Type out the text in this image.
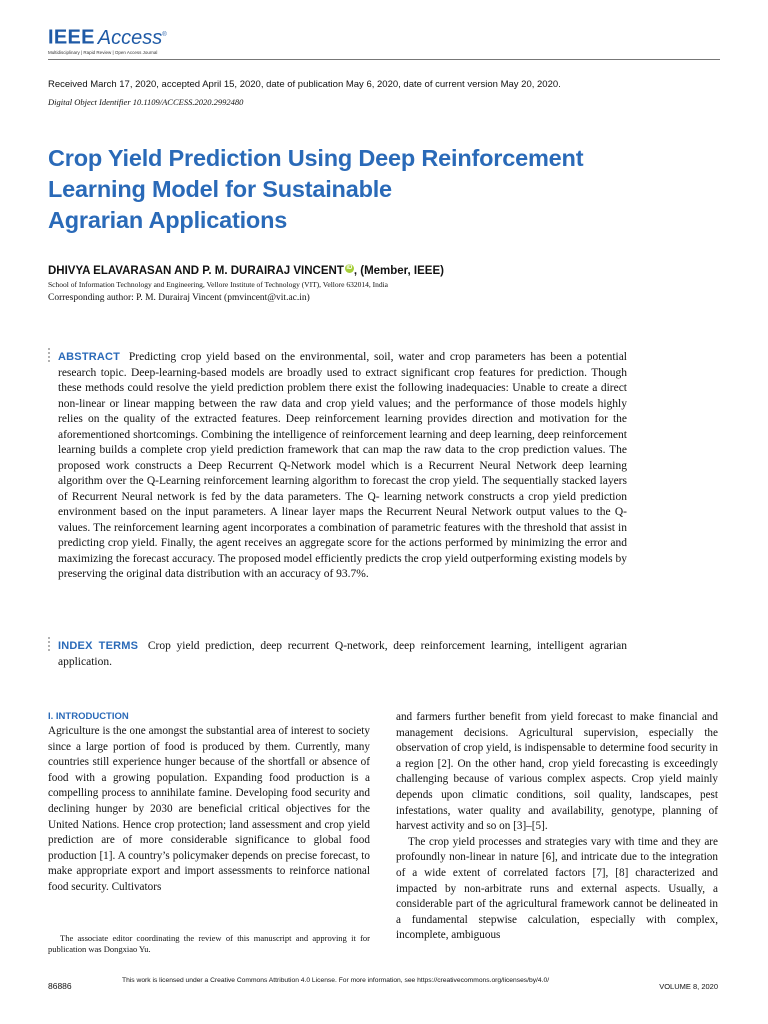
IEEE Access®
Multidisciplinary | Rapid Review | Open Access Journal
Received March 17, 2020, accepted April 15, 2020, date of publication May 6, 2020, date of current version May 20, 2020.
Digital Object Identifier 10.1109/ACCESS.2020.2992480
Crop Yield Prediction Using Deep Reinforcement
Learning Model for Sustainable
Agrarian Applications
DHIVYA ELAVARASAN AND P. M. DURAIRAJ VINCENT iD , (Member, IEEE)
School of Information Technology and Engineering, Vellore Institute of Technology (VIT), Vellore 632014, India
Corresponding author: P. M. Durairaj Vincent (pmvincent@vit.ac.in)
ABSTRACT Predicting crop yield based on the environmental, soil, water and crop parameters has been a potential research topic. Deep-learning-based models are broadly used to extract significant crop features for prediction. Though these methods could resolve the yield prediction problem there exist the following inadequacies: Unable to create a direct non-linear or linear mapping between the raw data and crop yield values; and the performance of those models highly relies on the quality of the extracted features. Deep reinforcement learning provides direction and motivation for the aforementioned shortcomings. Combining the intelligence of reinforcement learning and deep learning, deep reinforcement learning builds a complete crop yield prediction framework that can map the raw data to the crop prediction values. The proposed work constructs a Deep Recurrent Q-Network model which is a Recurrent Neural Network deep learning algorithm over the Q-Learning reinforcement learning algorithm to forecast the crop yield. The sequentially stacked layers of Recurrent Neural network is fed by the data parameters. The Q- learning network constructs a crop yield prediction environment based on the input parameters. A linear layer maps the Recurrent Neural Network output values to the Q-values. The reinforcement learning agent incorporates a combination of parametric features with the threshold that assist in predicting crop yield. Finally, the agent receives an aggregate score for the actions performed by minimizing the error and maximizing the forecast accuracy. The proposed model efficiently predicts the crop yield outperforming existing models by preserving the original data distribution with an accuracy of 93.7%.
INDEX TERMS Crop yield prediction, deep recurrent Q-network, deep reinforcement learning, intelligent agrarian application.
I. INTRODUCTION

Agriculture is the one amongst the substantial area of interest to society since a large portion of food is produced by them. Currently, many countries still experience hunger because of the shortfall or absence of food with a growing population. Expanding food production is a compelling process to annihilate famine. Developing food security and declining hunger by 2030 are beneficial critical objectives for the United Nations. Hence crop protection; land assessment and crop yield prediction are of more considerable significance to global food production [1]. A country’s policymaker depends on precise forecast, to make appropriate export and import assessments to reinforce national food security. Cultivators

and farmers further benefit from yield forecast to make financial and management decisions. Agricultural supervision, especially the observation of crop yield, is indispensable to determine food security in a region [2]. On the other hand, crop yield forecasting is exceedingly challenging because of various complex aspects. Crop yield mainly depends upon climatic conditions, soil quality, landscapes, pest infestations, water quality and availability, genotype, planning of harvest activity and so on [3]–[5].

The crop yield processes and strategies vary with time and they are profoundly non-linear in nature [6], and intricate due to the integration of a wide extent of correlated factors [7], [8] characterized and impacted by non-arbitrate runs and external aspects. Usually, a considerable part of the agricultural framework cannot be delineated in a fundamental stepwise calculation, especially with complex, incomplete, ambiguous

The associate editor coordinating the review of this manuscript and approving it for publication was Dongxiao Yu.
86886
This work is licensed under a Creative Commons Attribution 4.0 License. For more information, see https://creativecommons.org/licenses/by/4.0/
VOLUME 8, 2020
